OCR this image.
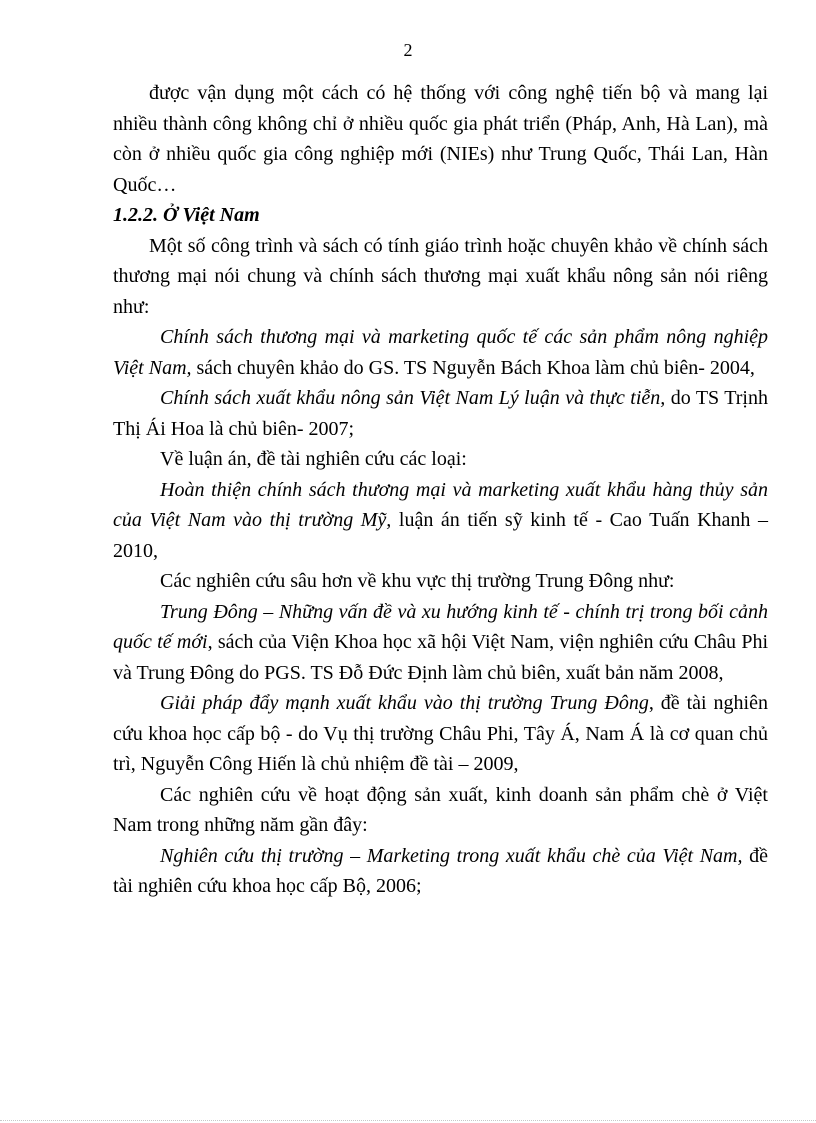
2

được vận dụng một cách có hệ thống với công nghệ tiến bộ và mang lại nhiều thành công không chỉ ở nhiều quốc gia phát triển (Pháp, Anh, Hà Lan), mà còn ở nhiều quốc gia công nghiệp mới (NIEs) như Trung Quốc, Thái Lan, Hàn Quốc…

1.2.2. Ở Việt Nam

Một số công trình và sách có tính giáo trình hoặc chuyên khảo về chính sách thương mại nói chung và chính sách thương mại xuất khẩu nông sản nói riêng như:

Chính sách thương mại và marketing quốc tế các sản phẩm nông nghiệp Việt Nam, sách chuyên khảo do GS. TS Nguyễn Bách Khoa làm chủ biên- 2004,

Chính sách xuất khẩu nông sản Việt Nam Lý luận và thực tiễn, do TS Trịnh Thị Ái Hoa là chủ biên- 2007;

Về luận án, đề tài nghiên cứu các loại:

Hoàn thiện chính sách thương mại và marketing xuất khẩu hàng thủy sản của Việt Nam vào thị trường Mỹ, luận án tiến sỹ kinh tế - Cao Tuấn Khanh – 2010,

Các nghiên cứu sâu hơn về khu vực thị trường Trung Đông như:

Trung Đông – Những vấn đề và xu hướng kinh tế - chính trị trong bối cảnh quốc tế mới, sách của Viện Khoa học xã hội Việt Nam, viện nghiên cứu Châu Phi và Trung Đông do PGS. TS Đỗ Đức Định làm chủ biên, xuất bản năm 2008,

Giải pháp đẩy mạnh xuất khẩu vào thị trường Trung Đông, đề tài nghiên cứu khoa học cấp bộ - do Vụ thị trường Châu Phi, Tây Á, Nam Á là cơ quan chủ trì, Nguyễn Công Hiến là chủ nhiệm đề tài – 2009,

Các nghiên cứu về hoạt động sản xuất, kinh doanh sản phẩm chè ở Việt Nam trong những năm gần đây:

Nghiên cứu thị trường – Marketing trong xuất khẩu chè của Việt Nam, đề tài nghiên cứu khoa học cấp Bộ, 2006;
